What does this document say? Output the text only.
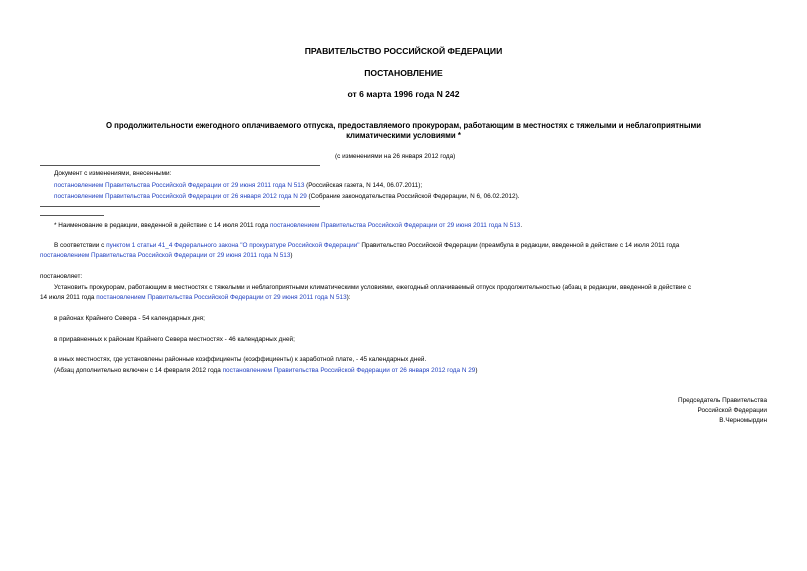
ПРАВИТЕЛЬСТВО РОССИЙСКОЙ ФЕДЕРАЦИИ
ПОСТАНОВЛЕНИЕ
от 6 марта 1996 года N 242
О продолжительности ежегодного оплачиваемого отпуска, предоставляемого прокурорам, работающим в местностях с тяжелыми и неблагоприятными
климатическими условиями *
(с изменениями на 26 января 2012 года)
Документ с изменениями, внесенными:
постановлением Правительства Российской Федерации от 29 июня 2011 года N 513 (Российская газета, N 144, 06.07.2011);
постановлением Правительства Российской Федерации от 26 января 2012 года N 29 (Собрание законодательства Российской Федерации, N 6, 06.02.2012).
* Наименование в редакции, введенной в действие с 14 июля 2011 года постановлением Правительства Российской Федерации от 29 июня 2011 года N 513.
В соответствии с пунктом 1 статьи 41_4 Федерального закона "О прокуратуре Российской Федерации" Правительство Российской Федерации (преамбула в редакции, введенной в действие с 14 июля 2011 года
постановлением Правительства Российской Федерации от 29 июня 2011 года N 513)
постановляет:
Установить прокурорам, работающим в местностях с тяжелыми и неблагоприятными климатическими условиями, ежегодный оплачиваемый отпуск продолжительностью (абзац в редакции, введенной в действие с
14 июля 2011 года постановлением Правительства Российской Федерации от 29 июня 2011 года N 513):
в районах Крайнего Севера - 54 календарных дня;
в приравненных к районам Крайнего Севера местностях - 46 календарных дней;
в иных местностях, где установлены районные коэффициенты (коэффициенты) к заработной плате, - 45 календарных дней.
(Абзац дополнительно включен с 14 февраля 2012 года постановлением Правительства Российской Федерации от 26 января 2012 года N 29)
Председатель Правительства
Российской Федерации
В.Черномырдин
